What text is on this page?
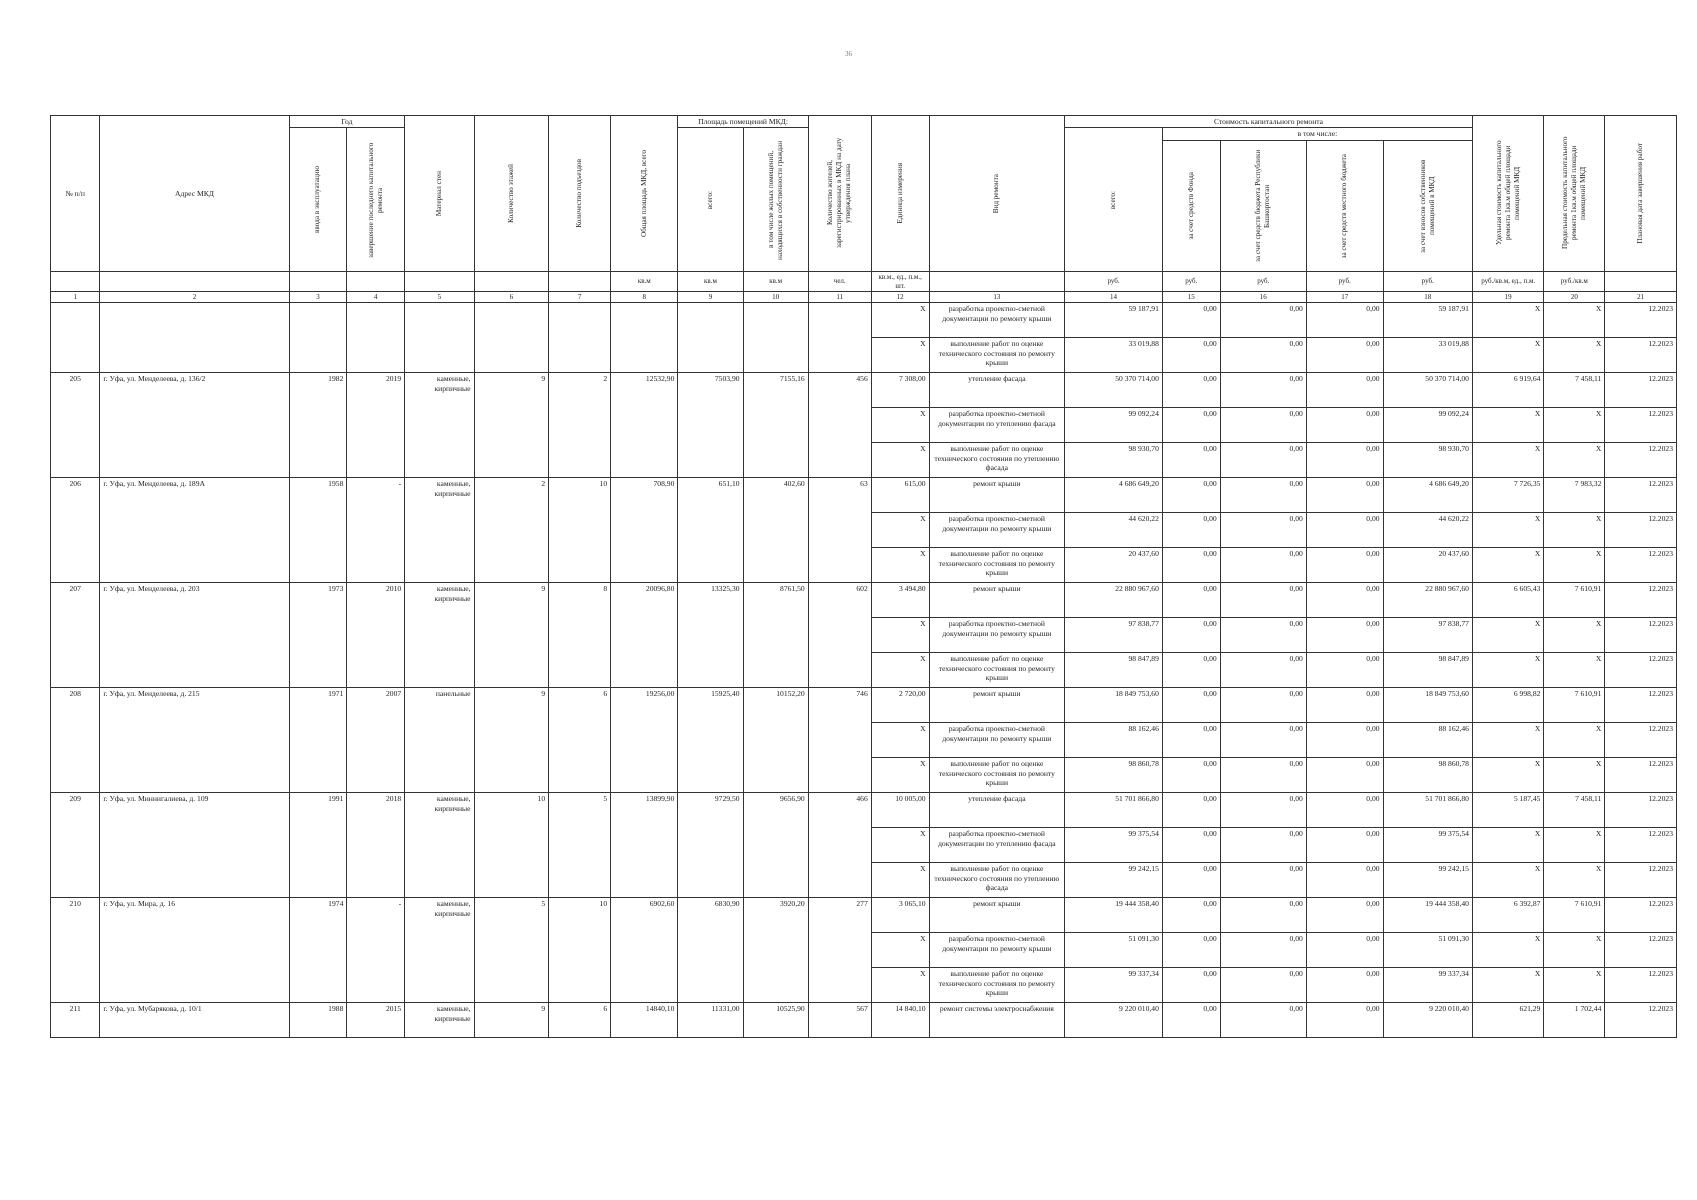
36
№ п/п	Адрес МКД	Год		Материал стен	Количество этажей	Количество подъездов	Общая площадь МКД, всего	Площадь помещений МКД:		Количество жителей, зарегистрированных в МКД на дату утверждения плана	Единица измерения	Вид ремонта	Стоимость капитального ремонта					Удельная стоимость капитального ремонта 1кв.м общей площади помещений МКД	Предельная стоимость капитального ремонта 1кв.м общей площади помещений МКД	Плановая дата завершения работ

		ввода в эксплуатацию	завершение последнего капитального ремонта					всего:	в том числе жилых помещений, находящихся в собственности граждан				всего:	в том числе:						

														за счет средств Фонда	за счет средств бюджета Республики Башкортостан	за счет средств местного бюджета	за счет взносов собственников помещений в МКД			

							кв.м	кв.м	кв.м	чел.	кв.м., ед., п.м., шт.		руб.	руб.	руб.	руб.	руб.	руб./кв.м, ед., п.м.	руб./кв.м	
1	2	3	4	5	6	7	8	9	10	11	12	13	14	15	16	17	18	19	20	21
											X	разработка проектно-сметной документации по ремонту крыши	59 187,91	0,00	0,00	0,00	59 187,91	X	X	12.2023
											X	выполнение работ по оценке технического состояния по ремонту крыши	33 019,88	0,00	0,00	0,00	33 019,88	X	X	12.2023
205	г. Уфа, ул. Менделеева, д. 136/2	1982	2019	каменные, кирпичные	9	2	12532,90	7503,90	7155,16	456	7 308,00	утепление фасада	50 370 714,00	0,00	0,00	0,00	50 370 714,00	6 919,64	7 458,11	12.2023
											X	разработка проектно-сметной документации по утеплению фасада	99 092,24	0,00	0,00	0,00	99 092,24	X	X	12.2023
											X	выполнение работ по оценке технического состояния по утеплению фасада	98 930,70	0,00	0,00	0,00	98 930,70	X	X	12.2023
206	г. Уфа, ул. Менделеева, д. 189А	1958	-	каменные, кирпичные	2	10	708,90	651,10	402,60	63	615,00	ремонт крыши	4 686 649,20	0,00	0,00	0,00	4 686 649,20	7 726,35	7 983,32	12.2023
											X	разработка проектно-сметной документации по ремонту крыши	44 620,22	0,00	0,00	0,00	44 620,22	X	X	12.2023
											X	выполнение работ по оценке технического состояния по ремонту крыши	20 437,60	0,00	0,00	0,00	20 437,60	X	X	12.2023
207	г. Уфа, ул. Менделеева, д. 203	1973	2010	каменные, кирпичные	9	8	20096,80	13325,30	8761,50	602	3 494,80	ремонт крыши	22 880 967,60	0,00	0,00	0,00	22 880 967,60	6 605,43	7 610,91	12.2023
											X	разработка проектно-сметной документации по ремонту крыши	97 838,77	0,00	0,00	0,00	97 838,77	X	X	12.2023
											X	выполнение работ по оценке технического состояния по ремонту крыши	98 847,89	0,00	0,00	0,00	98 847,89	X	X	12.2023
208	г. Уфа, ул. Менделеева, д. 215	1971	2007	панельные	9	6	19256,00	15925,40	10152,20	746	2 720,00	ремонт крыши	18 849 753,60	0,00	0,00	0,00	18 849 753,60	6 998,82	7 610,91	12.2023
											X	разработка проектно-сметной документации по ремонту крыши	88 162,46	0,00	0,00	0,00	88 162,46	X	X	12.2023
											X	выполнение работ по оценке технического состояния по ремонту крыши	98 860,78	0,00	0,00	0,00	98 860,78	X	X	12.2023
209	г. Уфа, ул. Миннигалиева, д. 109	1991	2018	каменные, кирпичные	10	5	13899,90	9729,50	9656,90	466	10 005,00	утепление фасада	51 701 866,80	0,00	0,00	0,00	51 701 866,80	5 187,45	7 458,11	12.2023
											X	разработка проектно-сметной документации по утеплению фасада	99 375,54	0,00	0,00	0,00	99 375,54	X	X	12.2023
											X	выполнение работ по оценке технического состояния по утеплению фасада	99 242,15	0,00	0,00	0,00	99 242,15	X	X	12.2023
210	г. Уфа, ул. Мира, д. 16	1974	-	каменные, кирпичные	5	10	6902,60	6830,90	3920,20	277	3 065,10	ремонт крыши	19 444 358,40	0,00	0,00	0,00	19 444 358,40	6 392,87	7 610,91	12.2023
											X	разработка проектно-сметной документации по ремонту крыши	51 091,30	0,00	0,00	0,00	51 091,30	X	X	12.2023
											X	выполнение работ по оценке технического состояния по ремонту крыши	99 337,34	0,00	0,00	0,00	99 337,34	X	X	12.2023
211	г. Уфа, ул. Мубарякова, д. 10/1	1988	2015	каменные, кирпичные	9	6	14840,10	11331,00	10525,90	567	14 840,10	ремонт системы электроснабжения	9 220 010,40	0,00	0,00	0,00	9 220 010,40	621,29	1 702,44	12.2023
